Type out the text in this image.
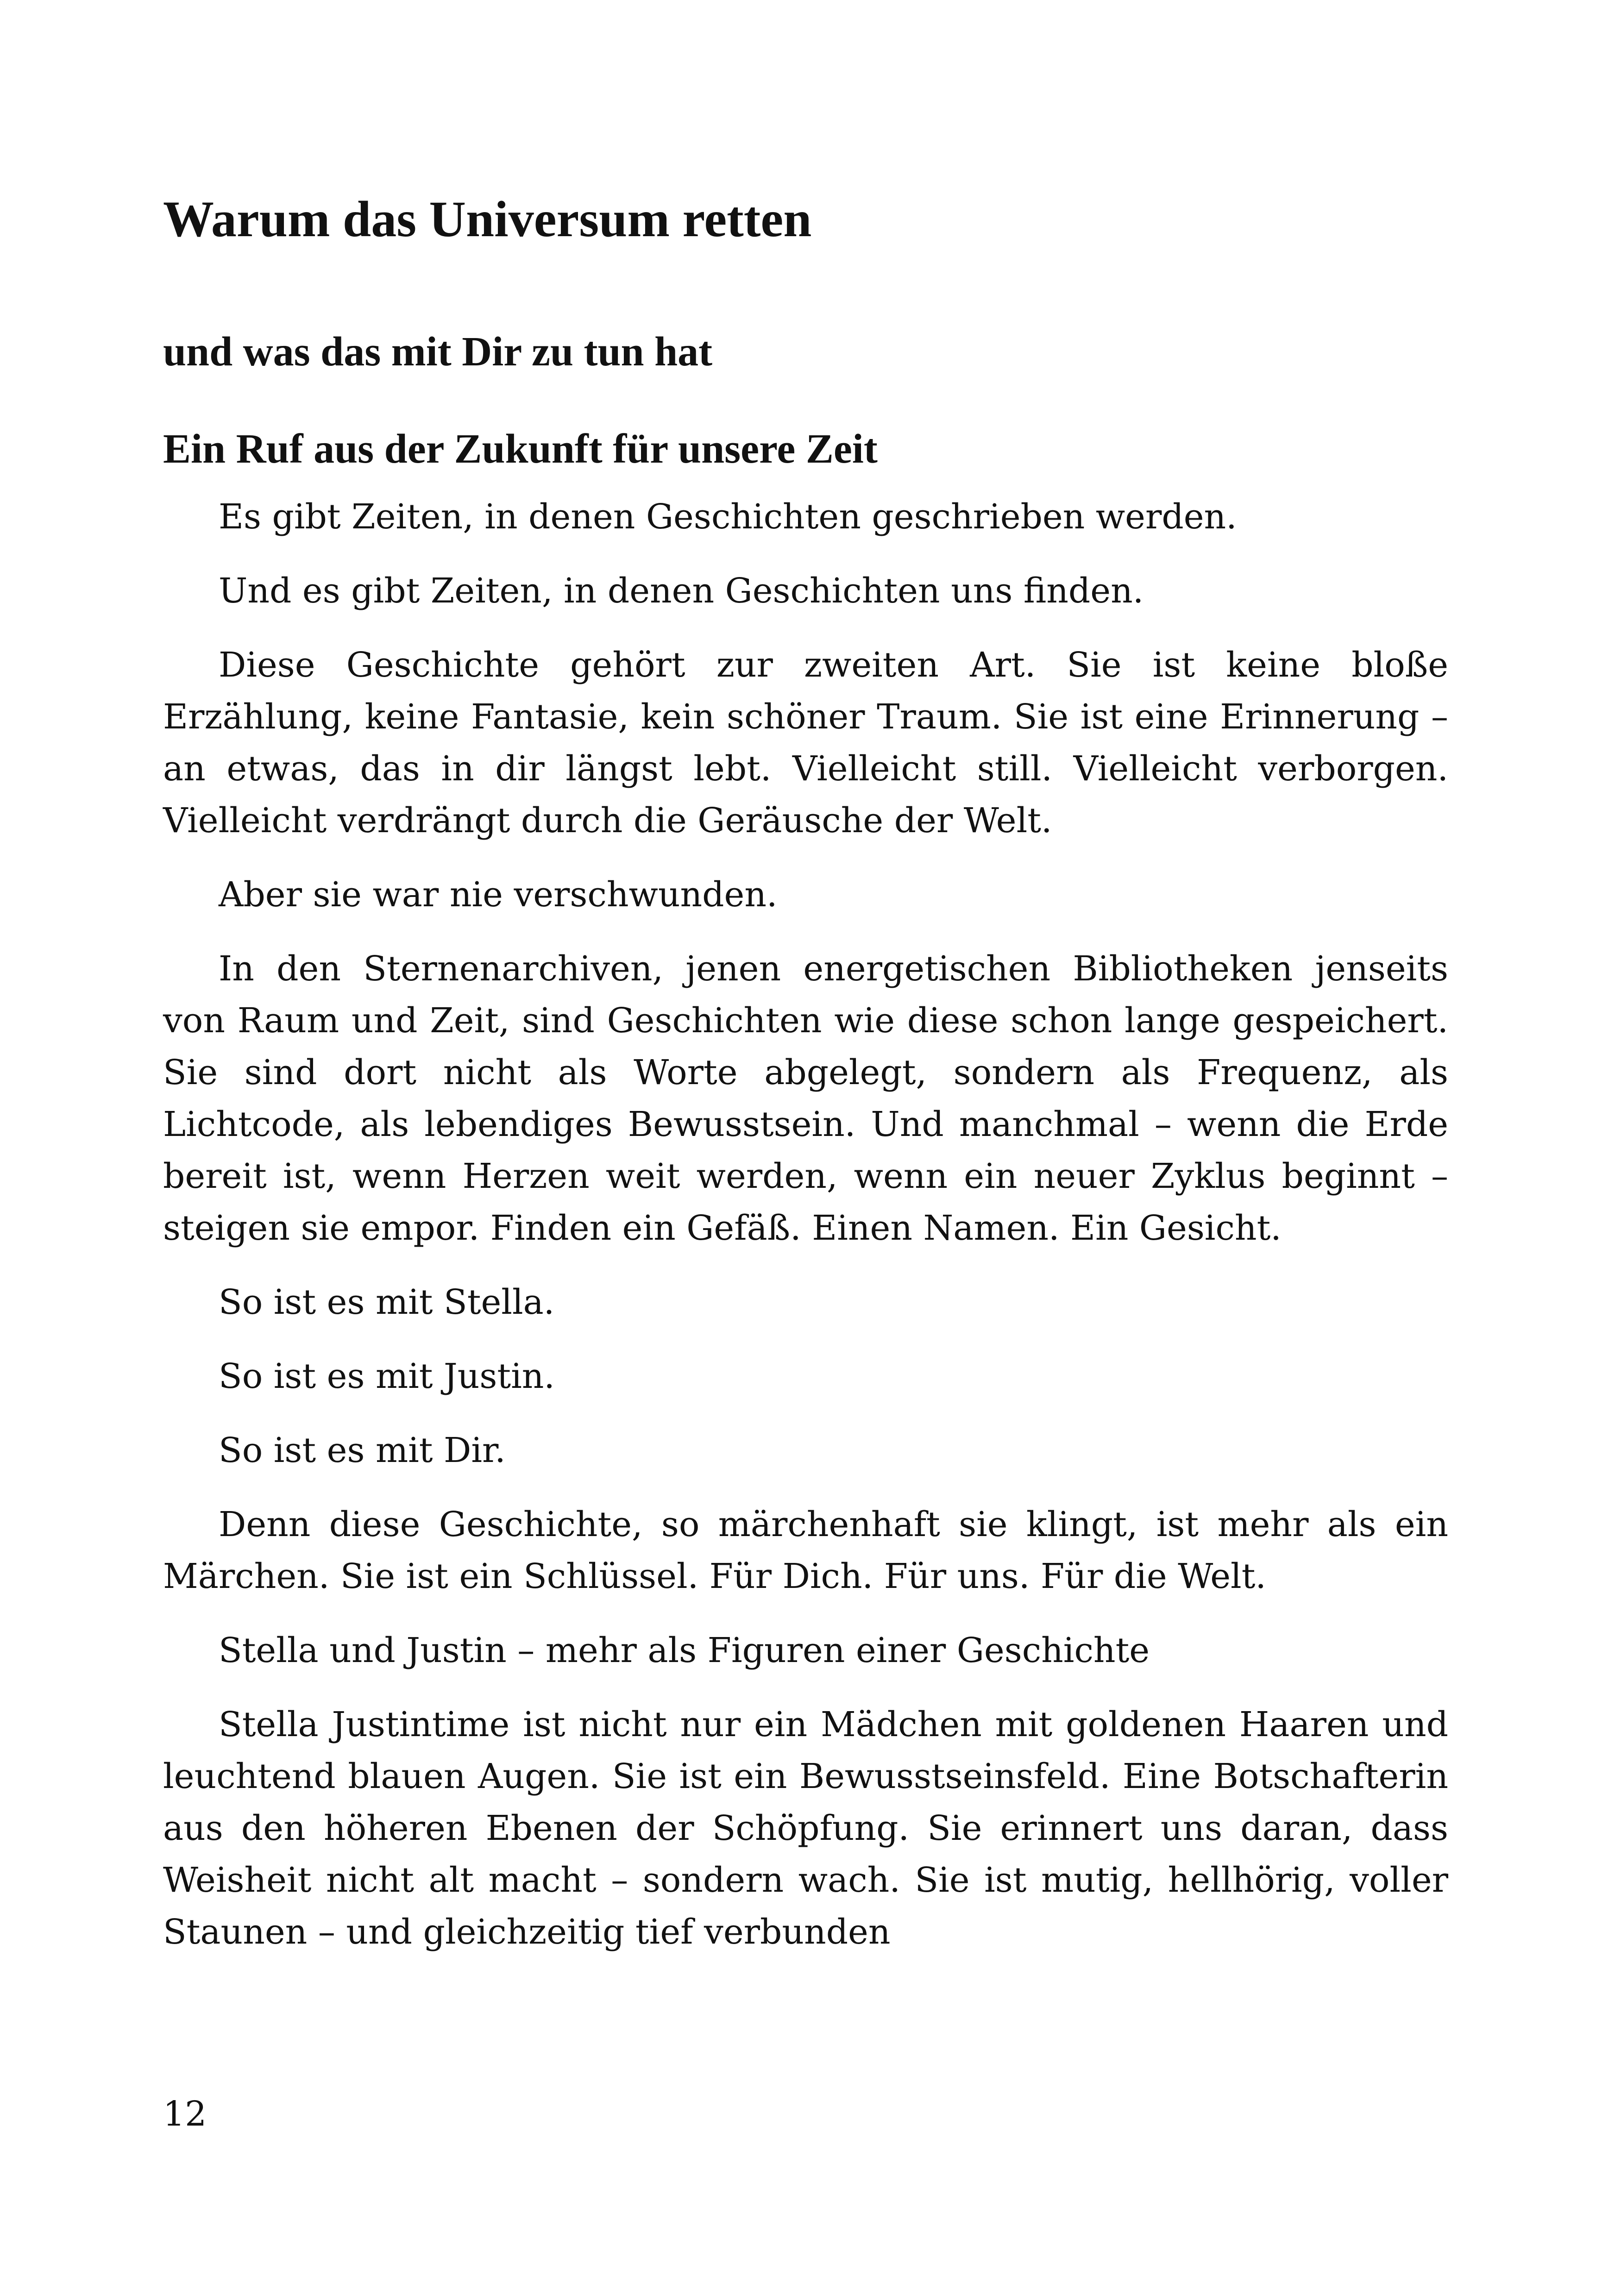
Warum das Universum retten
und was das mit Dir zu tun hat
Ein Ruf aus der Zukunft für unsere Zeit

Es gibt Zeiten, in denen Geschichten geschrieben werden.

Und es gibt Zeiten, in denen Geschichten uns finden.

Diese Geschichte gehört zur zweiten Art. Sie ist keine bloße Erzählung, keine Fantasie, kein schöner Traum. Sie ist eine Erinnerung – an etwas, das in dir längst lebt. Vielleicht still. Vielleicht verborgen. Vielleicht verdrängt durch die Geräusche der Welt.

Aber sie war nie verschwunden.

In den Sternenarchiven, jenen energetischen Bibliotheken jenseits von Raum und Zeit, sind Geschichten wie diese schon lange gespeichert. Sie sind dort nicht als Worte abgelegt, sondern als Frequenz, als Lichtcode, als lebendiges Bewusstsein. Und manchmal – wenn die Erde bereit ist, wenn Herzen weit werden, wenn ein neuer Zyklus beginnt – steigen sie empor. Finden ein Gefäß. Einen Namen. Ein Gesicht.

So ist es mit Stella.

So ist es mit Justin.

So ist es mit Dir.

Denn diese Geschichte, so märchenhaft sie klingt, ist mehr als ein Märchen. Sie ist ein Schlüssel. Für Dich. Für uns. Für die Welt.

Stella und Justin – mehr als Figuren einer Geschichte

Stella Justintime ist nicht nur ein Mädchen mit goldenen Haaren und leuchtend blauen Augen. Sie ist ein Bewusstseinsfeld. Eine Botschafterin aus den höheren Ebenen der Schöpfung. Sie erinnert uns daran, dass Weisheit nicht alt macht – sondern wach. Sie ist mutig, hellhörig, voller Staunen – und gleichzeitig tief verbunden

12
